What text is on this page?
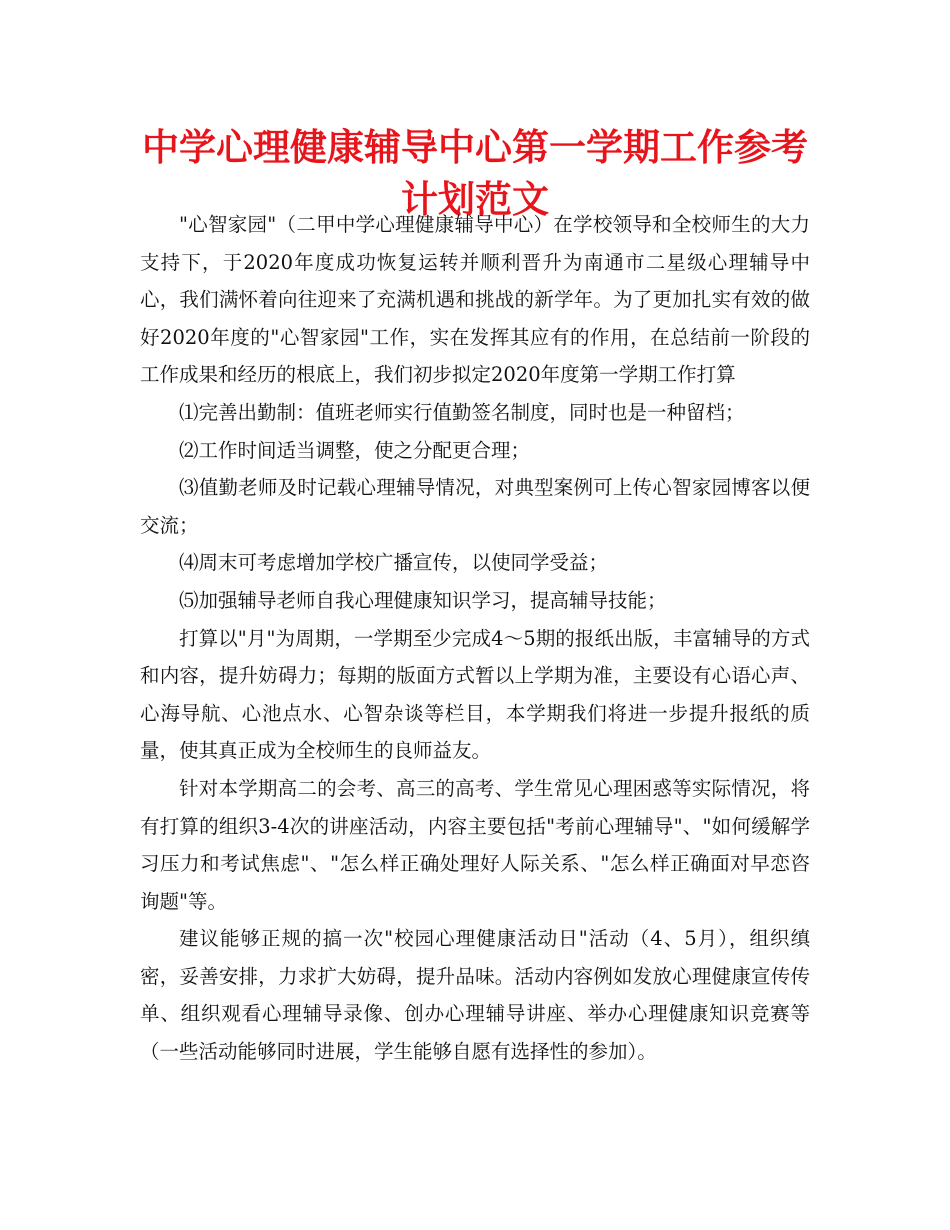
中学心理健康辅导中心第一学期工作参考计划范文

"心智家园"（二甲中学心理健康辅导中心）在学校领导和全校师生的大力支持下，于2020年度成功恢复运转并顺利晋升为南通市二星级心理辅导中心，我们满怀着向往迎来了充满机遇和挑战的新学年。为了更加扎实有效的做好2020年度的"心智家园"工作，实在发挥其应有的作用，在总结前一阶段的工作成果和经历的根底上，我们初步拟定2020年度第一学期工作打算

⑴完善出勤制：值班老师实行值勤签名制度，同时也是一种留档；

⑵工作时间适当调整，使之分配更合理；

⑶值勤老师及时记载心理辅导情况，对典型案例可上传心智家园博客以便交流；

⑷周末可考虑增加学校广播宣传，以使同学受益；

⑸加强辅导老师自我心理健康知识学习，提高辅导技能；

打算以"月"为周期，一学期至少完成4～5期的报纸出版，丰富辅导的方式和内容，提升妨碍力；每期的版面方式暂以上学期为准，主要设有心语心声、心海导航、心池点水、心智杂谈等栏目，本学期我们将进一步提升报纸的质量，使其真正成为全校师生的良师益友。

针对本学期高二的会考、高三的高考、学生常见心理困惑等实际情况，将有打算的组织3-4次的讲座活动，内容主要包括"考前心理辅导"、"如何缓解学习压力和考试焦虑"、"怎么样正确处理好人际关系、"怎么样正确面对早恋咨询题"等。

建议能够正规的搞一次"校园心理健康活动日"活动（4、5月），组织缜密，妥善安排，力求扩大妨碍，提升品味。活动内容例如发放心理健康宣传传单、组织观看心理辅导录像、创办心理辅导讲座、举办心理健康知识竞赛等（一些活动能够同时进展，学生能够自愿有选择性的参加）。
